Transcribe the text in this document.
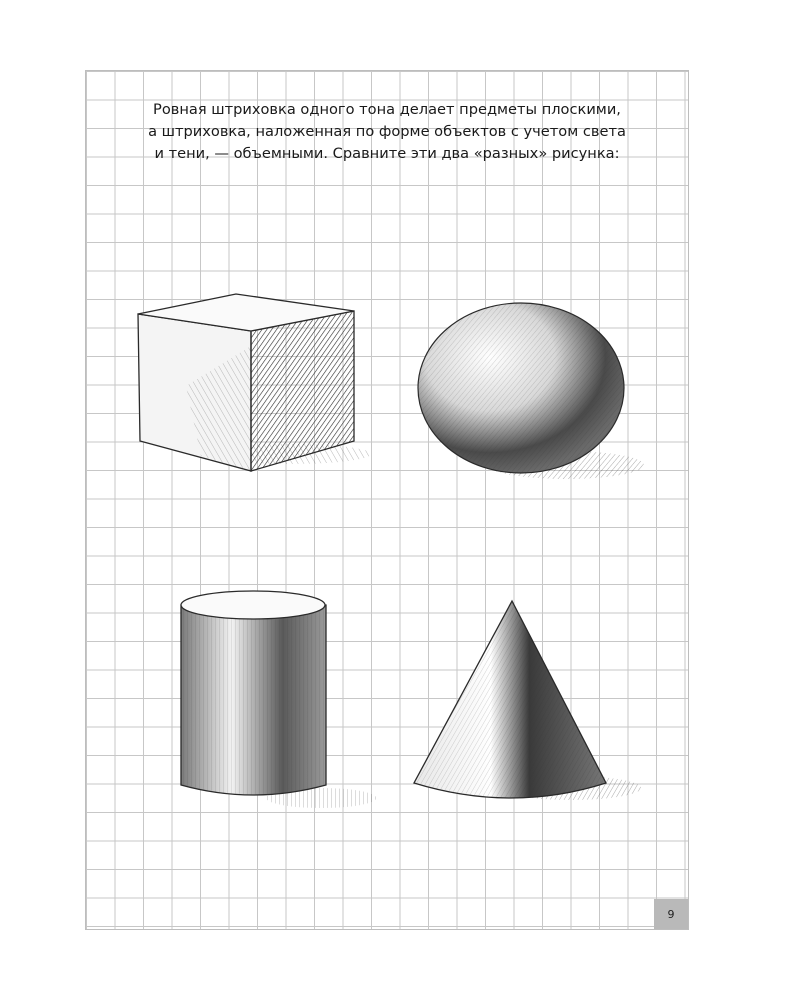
Ровная штриховка одного тона делает предметы плоскими,
а штриховка, наложенная по форме объектов с учетом света
и тени, — объемными. Сравните эти два «разных» рисунка:
9
